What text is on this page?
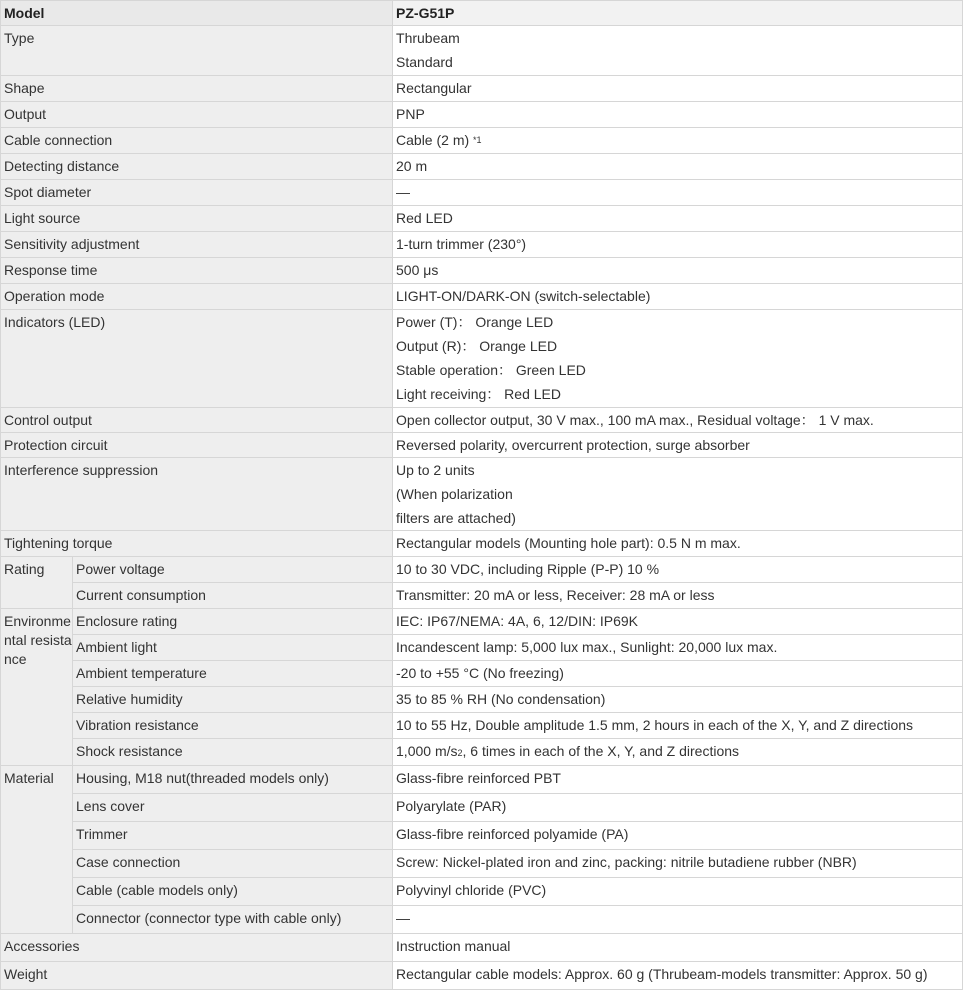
Model		PZ-G51P
Type		Thrubeam
Standard

Shape		Rectangular
Output		PNP
Cable connection		Cable (2 m) $^{*1}$
Detecting distance		20 m
Spot diameter		—
Light source		Red LED
Sensitivity adjustment		1-turn trimmer (230°)
Response time		500 μs
Operation mode		LIGHT-ON/DARK-ON (switch-selectable)
Indicators (LED)		Power (T)： Orange LED
Output (R)： Orange LED
Stable operation： Green LED
Light receiving： Red LED

Control output		Open collector output, 30 V max., 100 mA max., Residual voltage： 1 V max.
Protection circuit		Reversed polarity, overcurrent protection, surge absorber
Interference suppression		Up to 2 units
(When polarization
filters are attached)

Tightening torque		Rectangular models (Mounting hole part): 0.5 N m max.
Rating	Power voltage	10 to 30 VDC, including Ripple (P-P) 10 %
	Current consumption	Transmitter: 20 mA or less, Receiver: 28 mA or less
Environmental resistance	Enclosure rating	IEC: IP67/NEMA: 4A, 6, 12/DIN: IP69K
	Ambient light	Incandescent lamp: 5,000 lux max., Sunlight: 20,000 lux max.
	Ambient temperature	-20 to +55 °C (No freezing)
	Relative humidity	35 to 85 % RH (No condensation)
	Vibration resistance	10 to 55 Hz, Double amplitude 1.5 mm, 2 hours in each of the X, Y, and Z directions
	Shock resistance	1,000 m/s2, 6 times in each of the X, Y, and Z directions
Material	Housing, M18 nut(threaded models only)	Glass-fibre reinforced PBT
	Lens cover	Polyarylate (PAR)
	Trimmer	Glass-fibre reinforced polyamide (PA)
	Case connection	Screw: Nickel-plated iron and zinc, packing: nitrile butadiene rubber (NBR)
	Cable (cable models only)	Polyvinyl chloride (PVC)
	Connector (connector type with cable only)	—
Accessories		Instruction manual
Weight		Rectangular cable models: Approx. 60 g (Thrubeam-models transmitter: Approx. 50 g)
